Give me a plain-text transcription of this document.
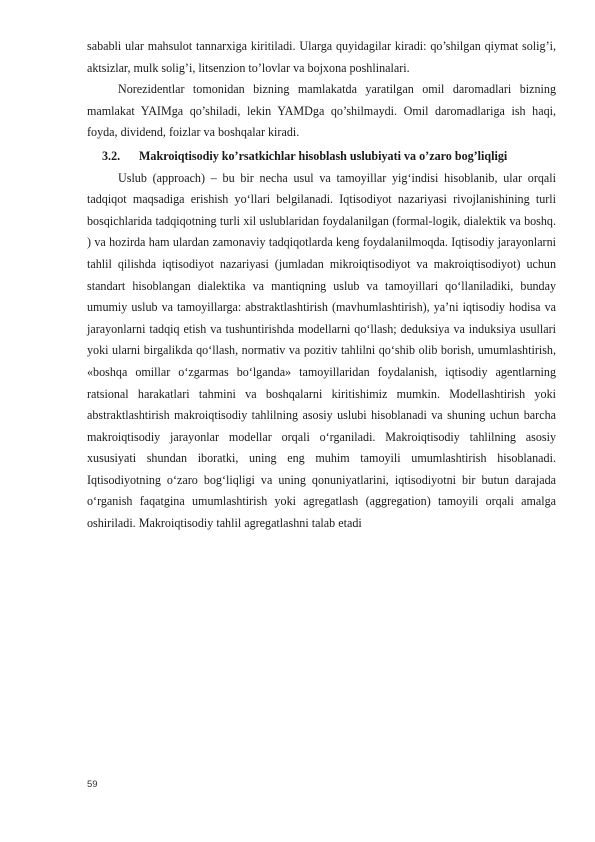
sababli ular mahsulot tannarxiga kiritiladi. Ularga quyidagilar kiradi: qo’shilgan qiymat solig’i, aktsizlar, mulk solig’i, litsenzion to’lovlar va bojxona poshlinalari.

Norezidentlar tomonidan bizning mamlakatda yaratilgan omil daromadlari bizning mamlakat YAIMga qo’shiladi, lekin YAMDga qo’shilmaydi. Omil daromadlariga ish haqi, foyda, dividend, foizlar va boshqalar kiradi.

3.2.	Makroiqtisodiy ko’rsatkichlar hisoblash uslubiyati va o’zaro bog’liqligi

Uslub (approach) – bu bir necha usul va tamoyillar yig‘indisi hisoblanib, ular orqali tadqiqot maqsadiga erishish yo‘llari belgilanadi. Iqtisodiyot nazariyasi rivojlanishining turli bosqichlarida tadqiqotning turli xil uslublaridan foydalanilgan (formal-logik, dialektik va boshq. ) va hozirda ham ulardan zamonaviy tadqiqotlarda keng foydalanilmoqda. Iqtisodiy jarayonlarni tahlil qilishda iqtisodiyot nazariyasi (jumladan mikroiqtisodiyot va makroiqtisodiyot) uchun standart hisoblangan dialektika va mantiqning uslub va tamoyillari qo‘llaniladiki, bunday umumiy uslub va tamoyillarga: abstraktlashtirish (mavhumlashtirish), ya’ni iqtisodiy hodisa va jarayonlarni tadqiq etish va tushuntirishda modellarni qo‘llash; deduksiya va induksiya usullari yoki ularni birgalikda qo‘llash, normativ va pozitiv tahlilni qo‘shib olib borish, umumlashtirish, «boshqa omillar o‘zgarmas bo‘lganda» tamoyillaridan foydalanish, iqtisodiy agentlarning ratsional harakatlari tahmini va boshqalarni kiritishimiz mumkin. Modellashtirish yoki abstraktlashtirish makroiqtisodiy tahlilning asosiy uslubi hisoblanadi va shuning uchun barcha makroiqtisodiy jarayonlar modellar orqali o‘rganiladi. Makroiqtisodiy tahlilning asosiy xususiyati shundan iboratki, uning eng muhim tamoyili umumlashtirish hisoblanadi. Iqtisodiyotning o‘zaro bog‘liqligi va uning qonuniyatlarini, iqtisodiyotni bir butun darajada o‘rganish faqatgina umumlashtirish yoki agregatlash (aggregation) tamoyili orqali amalga oshiriladi. Makroiqtisodiy tahlil agregatlashni talab etadi

59
